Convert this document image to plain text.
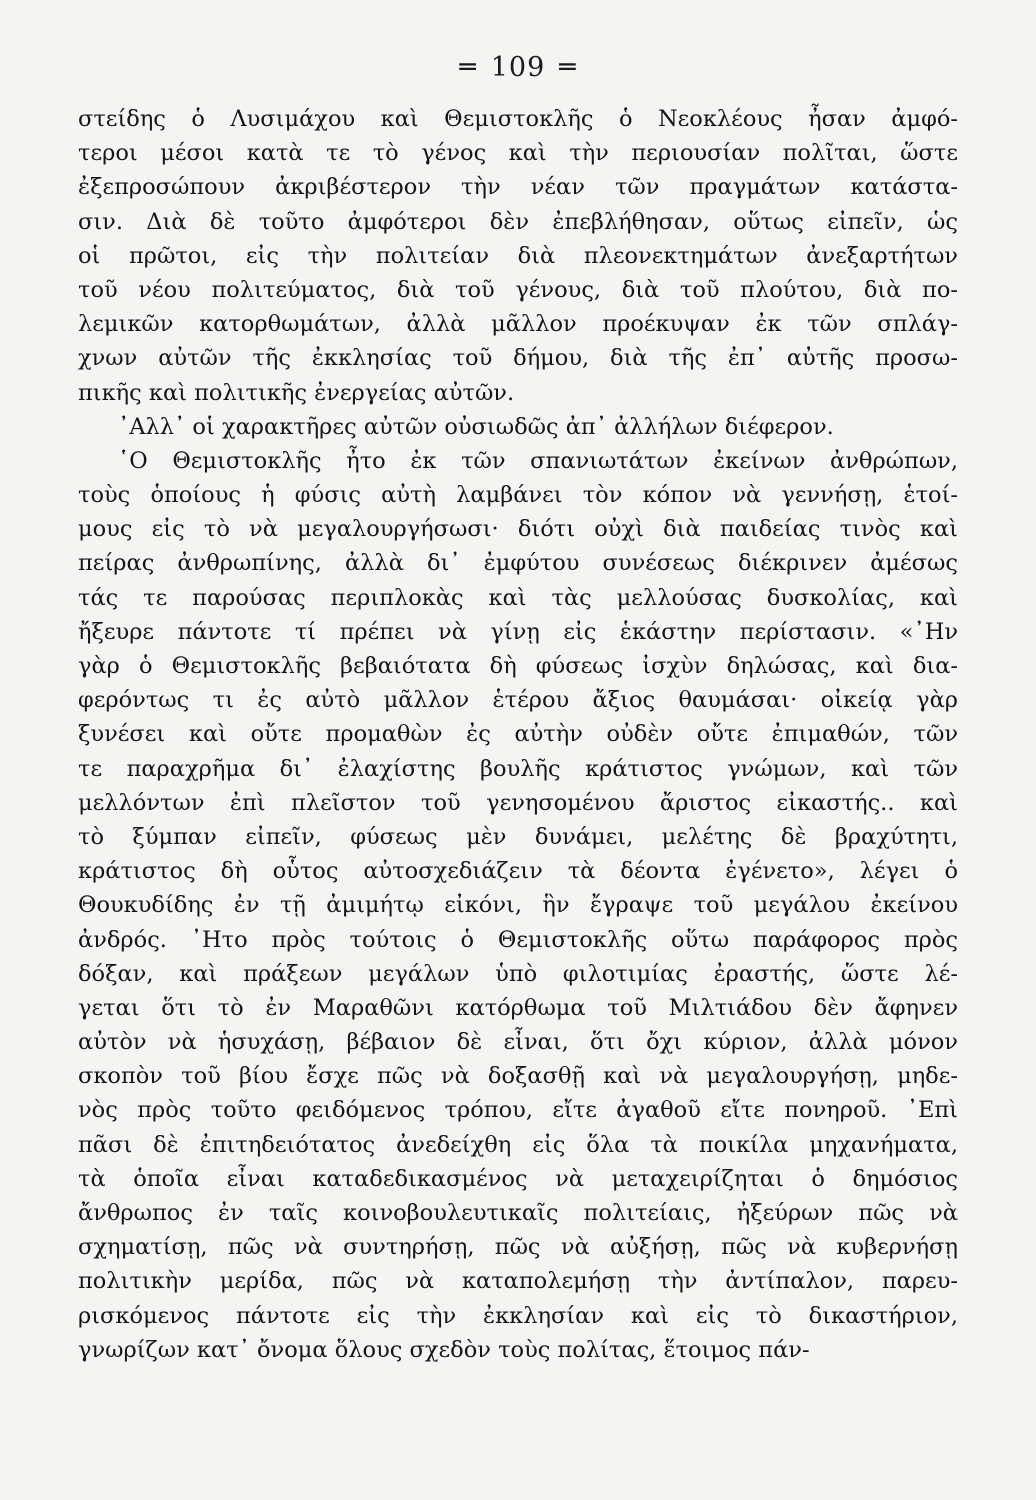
═ 109 ═
στείδης ὁ Λυσιμάχου καὶ Θεμιστοκλῆς ὁ Νεοκλέους ἦσαν ἀμφό-
τεροι μέσοι κατὰ τε τὸ γένος καὶ τὴν περιουσίαν πολῖται, ὥστε
ἐξεπροσώπουν ἀκριβέστερον τὴν νέαν τῶν πραγμάτων κατάστα-
σιν. Διὰ δὲ τοῦτο ἀμφότεροι δὲν ἐπεβλήθησαν, οὕτως εἰπεῖν, ὡς
οἱ πρῶτοι, εἰς τὴν πολιτείαν διὰ πλεονεκτημάτων ἀνεξαρτήτων
τοῦ νέου πολιτεύματος, διὰ τοῦ γένους, διὰ τοῦ πλούτου, διὰ πο-
λεμικῶν κατορθωμάτων, ἀλλὰ μᾶλλον προέκυψαν ἐκ τῶν σπλάγ-
χνων αὐτῶν τῆς ἐκκλησίας τοῦ δήμου, διὰ τῆς ἐπ᾽ αὐτῆς προσω-
πικῆς καὶ πολιτικῆς ἐνεργείας αὐτῶν.
᾽Αλλ᾽ οἱ χαρακτῆρες αὐτῶν οὐσιωδῶς ἀπ᾽ ἀλλήλων διέφερον.
῾Ο Θεμιστοκλῆς ἦτο ἐκ τῶν σπανιωτάτων ἐκείνων ἀνθρώπων,
τοὺς ὁποίους ἡ φύσις αὐτὴ λαμβάνει τὸν κόπον νὰ γεννήσῃ, ἑτοί-
μους εἰς τὸ νὰ μεγαλουργήσωσι· διότι οὐχὶ διὰ παιδείας τινὸς καὶ
πείρας ἀνθρωπίνης, ἀλλὰ δι᾽ ἐμφύτου συνέσεως διέκρινεν ἀμέσως
τάς τε παρούσας περιπλοκὰς καὶ τὰς μελλούσας δυσκολίας, καὶ
ἤξευρε πάντοτε τί πρέπει νὰ γίνῃ εἰς ἑκάστην περίστασιν. «᾽Ην
γὰρ ὁ Θεμιστοκλῆς βεβαιότατα δὴ φύσεως ἰσχὺν δηλώσας, καὶ δια-
φερόντως τι ἐς αὐτὸ μᾶλλον ἑτέρου ἄξιος θαυμάσαι· οἰκείᾳ γὰρ
ξυνέσει καὶ οὔτε προμαθὼν ἐς αὐτὴν οὐδὲν οὔτε ἐπιμαθών, τῶν
τε παραχρῆμα δι᾽ ἐλαχίστης βουλῆς κράτιστος γνώμων, καὶ τῶν
μελλόντων ἐπὶ πλεῖστον τοῦ γενησομένου ἄριστος εἰκαστής.. καὶ
τὸ ξύμπαν εἰπεῖν, φύσεως μὲν δυνάμει, μελέτης δὲ βραχύτητι,
κράτιστος δὴ οὗτος αὐτοσχεδιάζειν τὰ δέοντα ἐγένετο», λέγει ὁ
Θουκυδίδης ἐν τῇ ἀμιμήτῳ εἰκόνι, ἣν ἔγραψε τοῦ μεγάλου ἐκείνου
ἀνδρός. ᾽Ητο πρὸς τούτοις ὁ Θεμιστοκλῆς οὕτω παράφορος πρὸς
δόξαν, καὶ πράξεων μεγάλων ὑπὸ φιλοτιμίας ἐραστής, ὥστε λέ-
γεται ὅτι τὸ ἐν Μαραθῶνι κατόρθωμα τοῦ Μιλτιάδου δὲν ἄφηνεν
αὐτὸν νὰ ἡσυχάσῃ, βέβαιον δὲ εἶναι, ὅτι ὄχι κύριον, ἀλλὰ μόνον
σκοπὸν τοῦ βίου ἔσχε πῶς νὰ δοξασθῇ καὶ νὰ μεγαλουργήσῃ, μηδε-
νὸς πρὸς τοῦτο φειδόμενος τρόπου, εἴτε ἀγαθοῦ εἴτε πονηροῦ. ᾽Επὶ
πᾶσι δὲ ἐπιτηδειότατος ἀνεδείχθη εἰς ὅλα τὰ ποικίλα μηχανήματα,
τὰ ὁποῖα εἶναι καταδεδικασμένος νὰ μεταχειρίζηται ὁ δημόσιος
ἄνθρωπος ἐν ταῖς κοινοβουλευτικαῖς πολιτείαις, ἠξεύρων πῶς νὰ
σχηματίσῃ, πῶς νὰ συντηρήσῃ, πῶς νὰ αὐξήσῃ, πῶς νὰ κυβερνήσῃ
πολιτικὴν μερίδα, πῶς νὰ καταπολεμήσῃ τὴν ἀντίπαλον, παρευ-
ρισκόμενος πάντοτε εἰς τὴν ἐκκλησίαν καὶ εἰς τὸ δικαστήριον,
γνωρίζων κατ᾽ ὄνομα ὅλους σχεδὸν τοὺς πολίτας, ἕτοιμος πάν-
